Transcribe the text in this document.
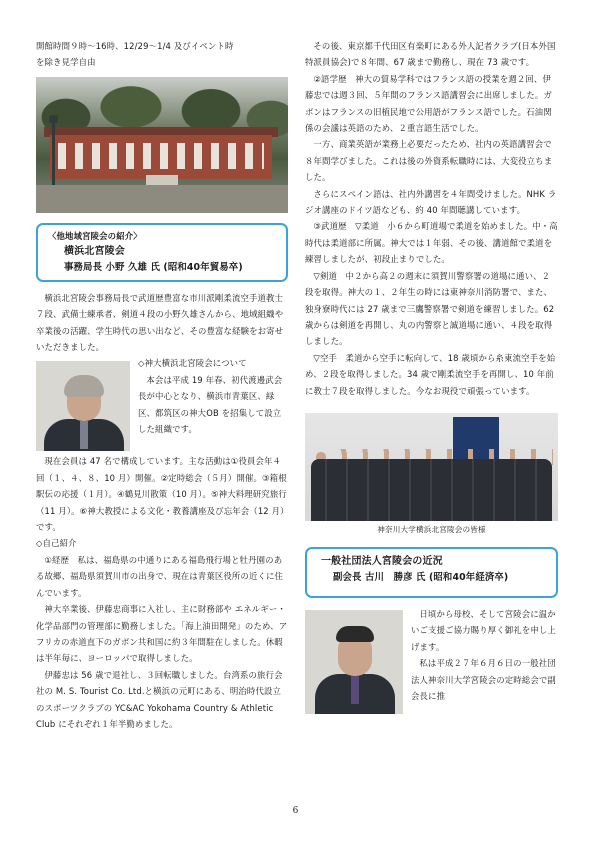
開館時間９時～16時、12/29～1/4 及びイベント時

を除き見学自由

〈他地域宮陵会の紹介〉
横浜北宮陵会
事務局長 小野 久雄 氏 (昭和40年貿易卒)

横浜北宮陵会事務局長で武道歴豊富な市川派剛柔流空手道教士７段、武備士練承者、剣道４段の小野久雄さんから、地域組織や卒業後の活躍、学生時代の思い出など、その豊富な経験をお寄せいただきました。

◇神大横浜北宮陵会について

本会は平成 19 年春、初代渡邊武会長が中心となり、横浜市青葉区、緑区、都筑区の神大OB を招集して設立した組織です。

現在会員は 47 名で構成しています。主な活動は①役員会年４回（１、４、８、10 月）開催。②定時総会（５月）開催。③箱根駅伝の応援（１月）。④鶴見川散策（10 月）。⑤神大料理研究旅行（11 月）。⑥神大教授による文化・教養講座及び忘年会（12 月）です。

◇自己紹介

①経歴　私は、福島県の中通りにある福島飛行場と牡丹園のある故郷、福島県須賀川市の出身で、現在は青葉区役所の近くに住んでいます。

神大卒業後、伊藤忠商事に入社し、主に財務部や エネルギー・化学品部門の管理部に勤務しました。「海上油田開発」のため、アフリカの赤道直下のガボン共和国に約３年間駐在しました。休暇は半年毎に、ヨーロッパで取得しました。

伊藤忠は 56 歳で退社し、３回転職しました。台湾系の旅行会社の M. S. Tourist Co. Ltd.と横浜の元町にある、明治時代設立のスポーツクラブの YC&AC Yokohama Country & Athletic Club にそれぞれ１年半勤めました。

その後、東京都千代田区有楽町にある外人記者クラブ(日本外国特派員協会)で８年間、67 歳まで勤務し、現在 73 歳です。

②語学歴　神大の貿易学科ではフランス語の授業を週２回、伊藤忠では週３回、５年間のフランス語講習会に出席しました。ガボンはフランスの旧植民地で公用語がフランス語でした。石油関係の会議は英語のため、２重言語生活でした。

一方、商業英語が業務上必要だったため、社内の英語講習会で８年間学びました。これは後の外資系転職時には、大変役立ちました。

さらにスペイン語は、社内外講習を４年間受けました。NHK ラジオ講座のドイツ語なども、約 40 年間聴講しています。

③武道歴　▽柔道　小６から町道場で柔道を始めました。中・高時代は柔道部に所属。神大では１年弱、その後、講道館で柔道を練習しましたが、初段止まりでした。

▽剣道　中２から高２の週末に須賀川警察署の道場に通い、２段を取得。神大の１、２年生の時には東神奈川消防署で、また、独身寮時代には 27 歳まで三鷹警察署で剣道を練習しました。62 歳からは剣道を再開し、丸の内警察と誠道場に通い、４段を取得しました。

▽空手　柔道から空手に転向して、18 歳頃から糸東流空手を始め、２段を取得しました。34 歳で剛柔流空手を再開し、10 年前に教士７段を取得しました。今なお現役で頑張っています。

神奈川大学横浜北宮陵会の皆様
一般社団法人宮陵会の近況
副会長 古川　勝彦 氏 (昭和40年経済卒)

日頃から母校、そして宮陵会に温かいご支援ご協力賜り厚く御礼を申し上げます。

私は平成２７年６月６日の一般社団法人神奈川大学宮陵会の定時総会で副会長に推

6
